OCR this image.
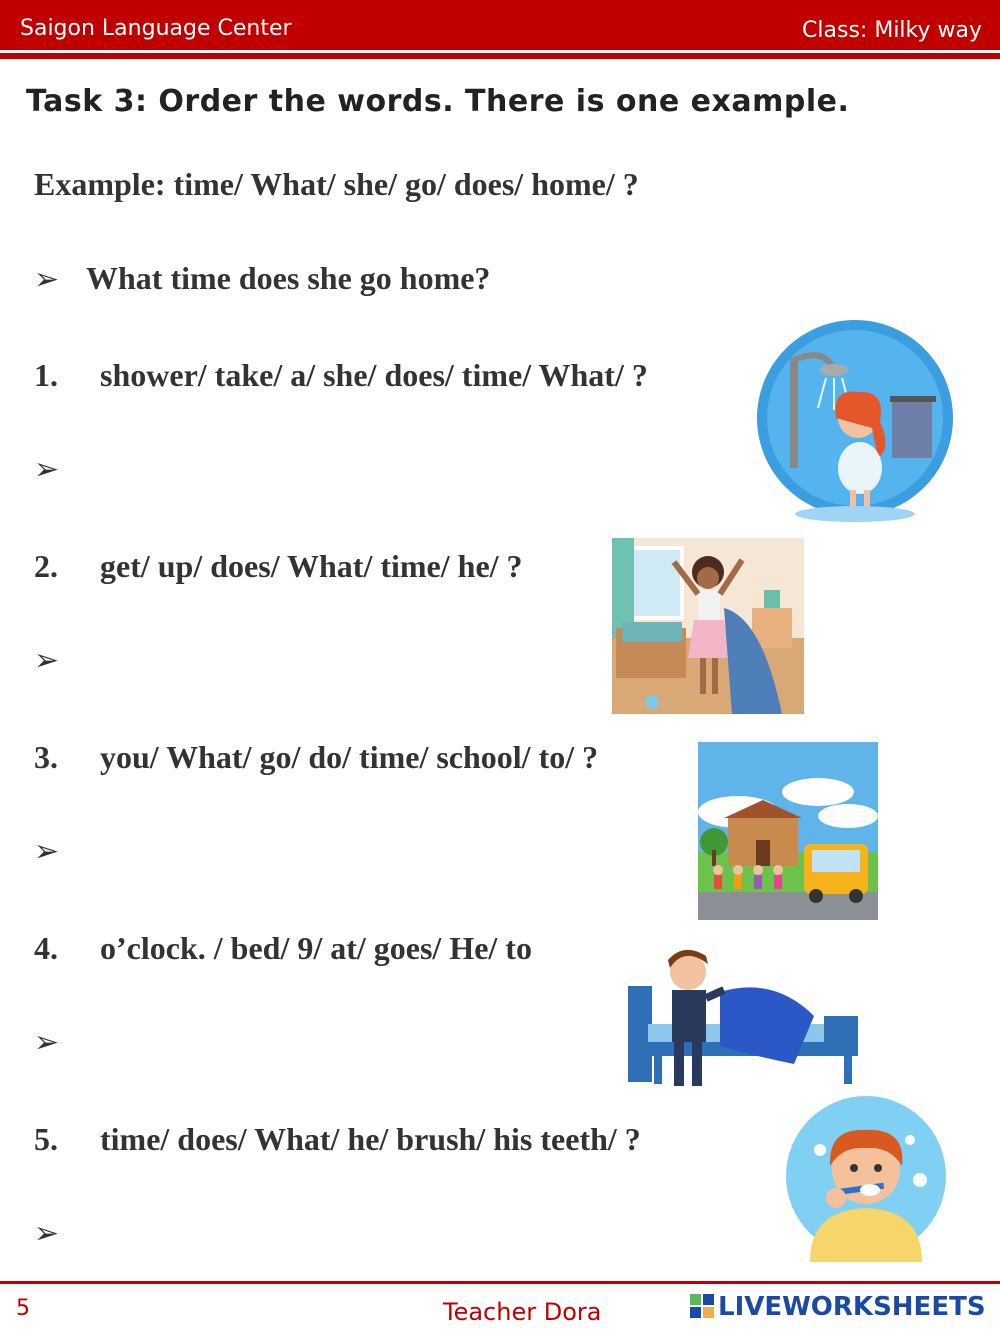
Saigon Language Center	Class: Milky way
Task 3: Order the words. There is one example.
Example: time/ What/ she/ go/ does/ home/ ?
➢ What time does she go home?
1. shower/ take/ a/ she/ does/ time/ What/ ?
➢
2. get/ up/ does/ What/ time/ he/ ?
➢
3. you/ What/ go/ do/ time/ school/ to/ ?
➢
4. o’clock. / bed/ 9/ at/ goes/ He/ to
➢
5. time/ does/ What/ he/ brush/ his teeth/ ?
➢
5	Teacher Dora	LIVEWORKSHEETS
